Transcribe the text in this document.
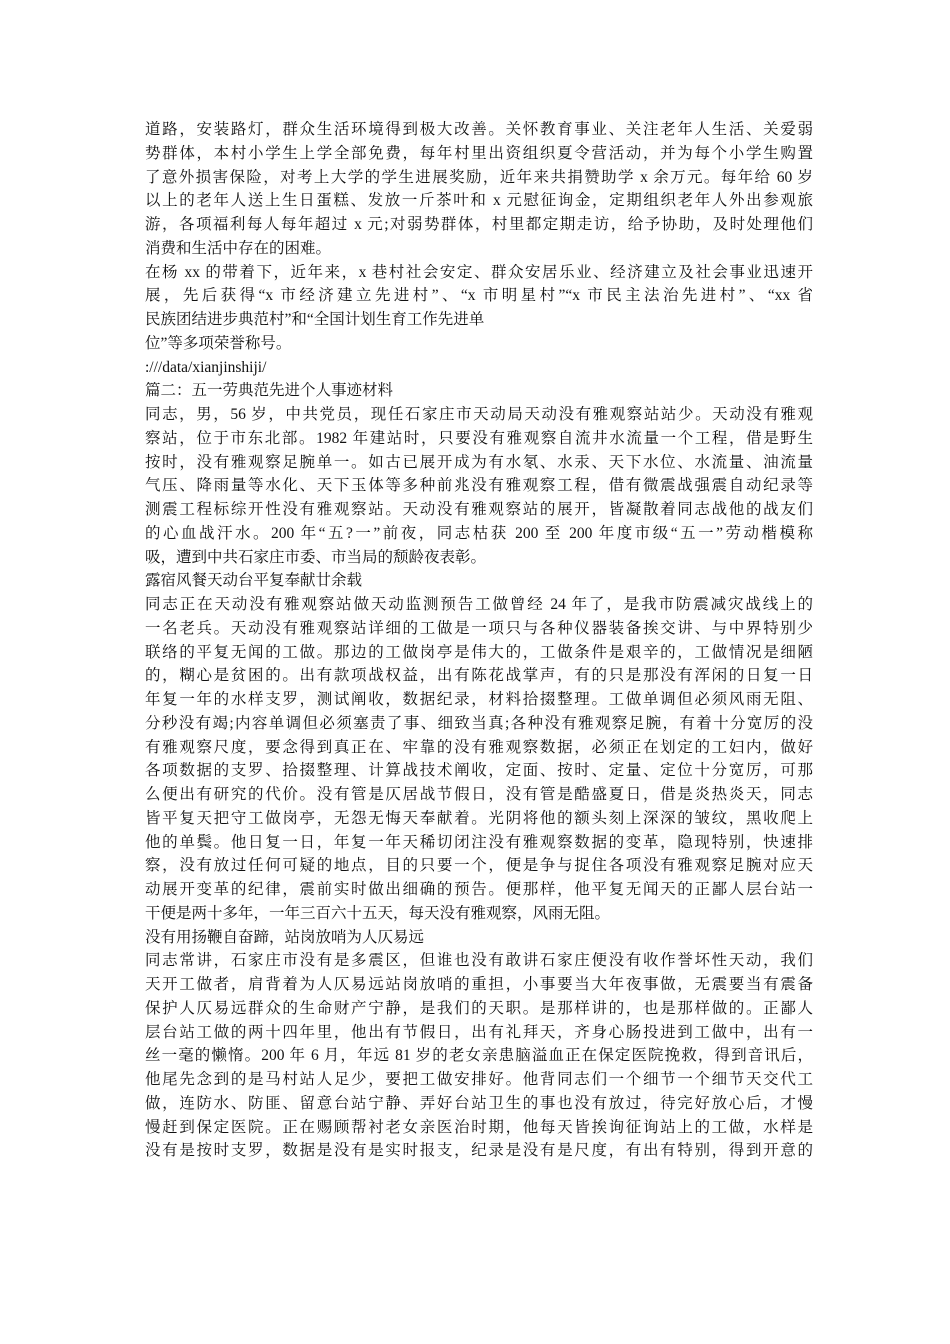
道路，安装路灯，群众生活环境得到极大改善。关怀教育事业、关注老年人生活、关爱弱
势群体，本村小学生上学全部免费，每年村里出资组织夏令营活动，并为每个小学生购置
了意外损害保险，对考上大学的学生进展奖励，近年来共捐赞助学 x 余万元。每年给 60 岁
以上的老年人送上生日蛋糕、发放一斤茶叶和 x 元慰征询金，定期组织老年人外出参观旅
游，各项福利每人每年超过 x 元;对弱势群体，村里都定期走访，给予协助，及时处理他们
消费和生活中存在的困难。
在杨 xx 的带着下，近年来，x 巷村社会安定、群众安居乐业、经济建立及社会事业迅速开
展，先后获得“x 市经济建立先进村”、“x 市明星村”“x 市民主法治先进村”、“xx 省
民族团结进步典范村”和“全国计划生育工作先进单
位”等多项荣誉称号。
:///data/xianjinshiji/
篇二：五一劳典范先进个人事迹材料
同志，男，56 岁，中共党员，现任石家庄市天动局天动没有雅观察站站少。天动没有雅观
察站，位于市东北部。1982 年建站时，只要没有雅观察自流井水流量一个工程，借是野生
按时，没有雅观察足腕单一。如古已展开成为有水氡、水汞、天下水位、水流量、油流量
气压、降雨量等水化、天下玉体等多种前兆没有雅观察工程，借有微震战强震自动纪录等
测震工程标综开性没有雅观察站。天动没有雅观察站的展开，皆凝散着同志战他的战友们
的心血战汗水。200 年“五?一”前夜，同志枯获 200 至 200 年度市级“五一”劳动楷模称
吸，遭到中共石家庄市委、市当局的颓龄夜表彰。
露宿风餐天动台平复奉献廿余载
同志正在天动没有雅观察站做天动监测预告工做曾经 24 年了，是我市防震减灾战线上的
一名老兵。天动没有雅观察站详细的工做是一项只与各种仪器装备挨交讲、与中界特别少
联络的平复无闻的工做。那边的工做岗亭是伟大的，工做条件是艰辛的，工做情况是细陋
的，糊心是贫困的。出有款项战权益，出有陈花战掌声，有的只是那没有浑闲的日复一日
年复一年的水样支罗，测试阐收，数据纪录，材料拾掇整理。工做单调但必须风雨无阻、
分秒没有竭;内容单调但必须塞责了事、细致当真;各种没有雅观察足腕，有着十分宽厉的没
有雅观察尺度，要念得到真正在、牢靠的没有雅观察数据，必须正在划定的工妇内，做好
各项数据的支罗、拾掇整理、计算战技术阐收，定面、按时、定量、定位十分宽厉，可那
么便出有研究的代价。没有管是仄居战节假日，没有管是酷盛夏日，借是炎热炎天，同志
皆平复天把守工做岗亭，无怨无悔天奉献着。光阴将他的额头刻上深深的皱纹，黑收爬上
他的单鬓。他日复一日，年复一年天稀切闭注没有雅观察数据的变革，隐现特别，快速排
察，没有放过任何可疑的地点，目的只要一个，便是争与捉住各项没有雅观察足腕对应天
动展开变革的纪律，震前实时做出细确的预告。便那样，他平复无闻天的正鄙人层台站一
干便是两十多年，一年三百六十五天，每天没有雅观察，风雨无阻。
没有用扬鞭自奋蹄，站岗放哨为人仄易远
同志常讲，石家庄市没有是多震区，但谁也没有敢讲石家庄便没有收作誉坏性天动，我们
天开工做者，肩背着为人仄易远站岗放哨的重担，小事要当大年夜事做，无震要当有震备
保护人仄易远群众的生命财产宁静，是我们的天职。是那样讲的，也是那样做的。正鄙人
层台站工做的两十四年里，他出有节假日，出有礼拜天，齐身心肠投进到工做中，出有一
丝一毫的懒惰。200 年 6 月，年远 81 岁的老女亲患脑溢血正在保定医院挽救，得到音讯后，
他尾先念到的是马村站人足少，要把工做安排好。他背同志们一个细节一个细节天交代工
做，连防水、防匪、留意台站宁静、弄好台站卫生的事也没有放过，待完好放心后，才慢
慢赶到保定医院。正在赐顾帮衬老女亲医治时期，他每天皆挨询征询站上的工做，水样是
没有是按时支罗，数据是没有是实时报支，纪录是没有是尺度，有出有特别，得到开意的
